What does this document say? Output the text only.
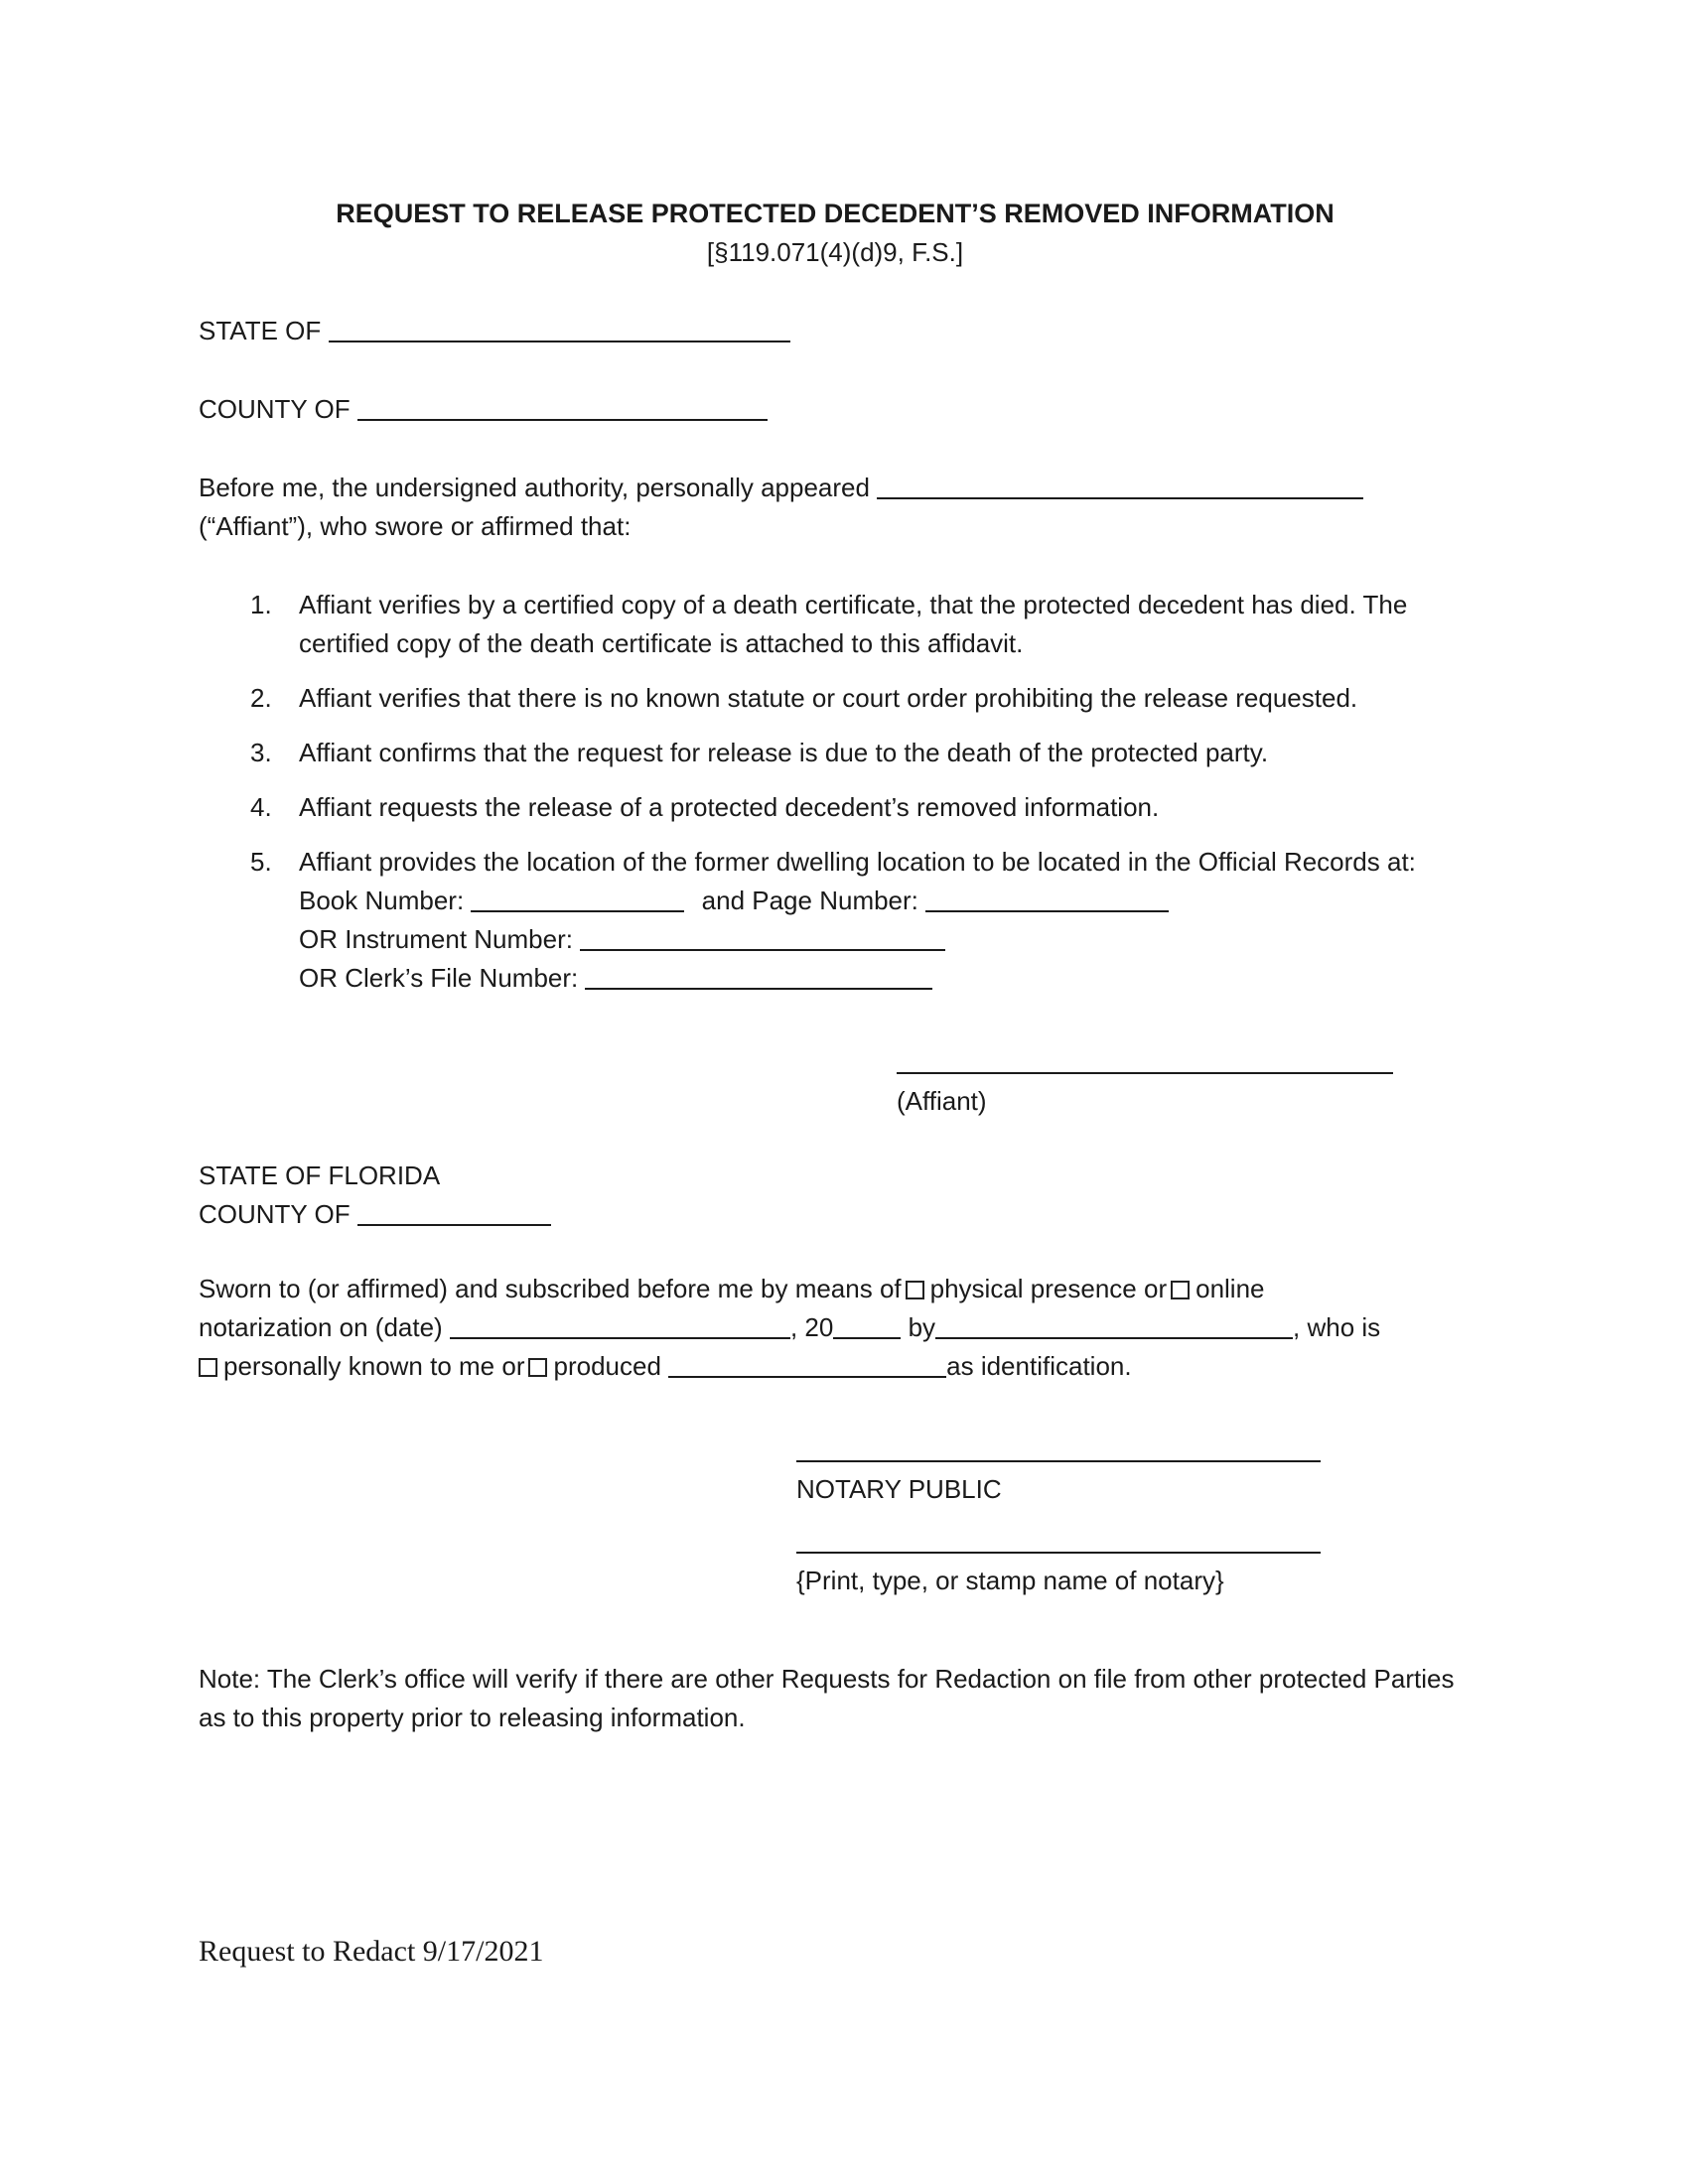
REQUEST TO RELEASE PROTECTED DECEDENT’S REMOVED INFORMATION
[§119.071(4)(d)9, F.S.]
STATE OF
COUNTY OF
Before me, the undersigned authority, personally appeared
(“Affiant”), who swore or affirmed that:
1.	Affiant verifies by a certified copy of a death certificate, that the protected decedent has died. The certified copy of the death certificate is attached to this affidavit.
2.	Affiant verifies that there is no known statute or court order prohibiting the release requested.
3.	Affiant confirms that the request for release is due to the death of the protected party.
4.	Affiant requests the release of a protected decedent’s removed information.
5.	Affiant provides the location of the former dwelling location to be located in the Official Records at:
Book Number:	and Page Number:
OR Instrument Number:
OR Clerk’s File Number:
(Affiant)
STATE OF FLORIDA
COUNTY OF
Sworn to (or affirmed) and subscribed before me by means of physical presence or online
notarization on (date)	, 20	by	, who is
personally known to me or produced	as identification.
NOTARY PUBLIC
{Print, type, or stamp name of notary}
Note: The Clerk’s office will verify if there are other Requests for Redaction on file from other protected Parties as to this property prior to releasing information.
Request to Redact 9/17/2021
